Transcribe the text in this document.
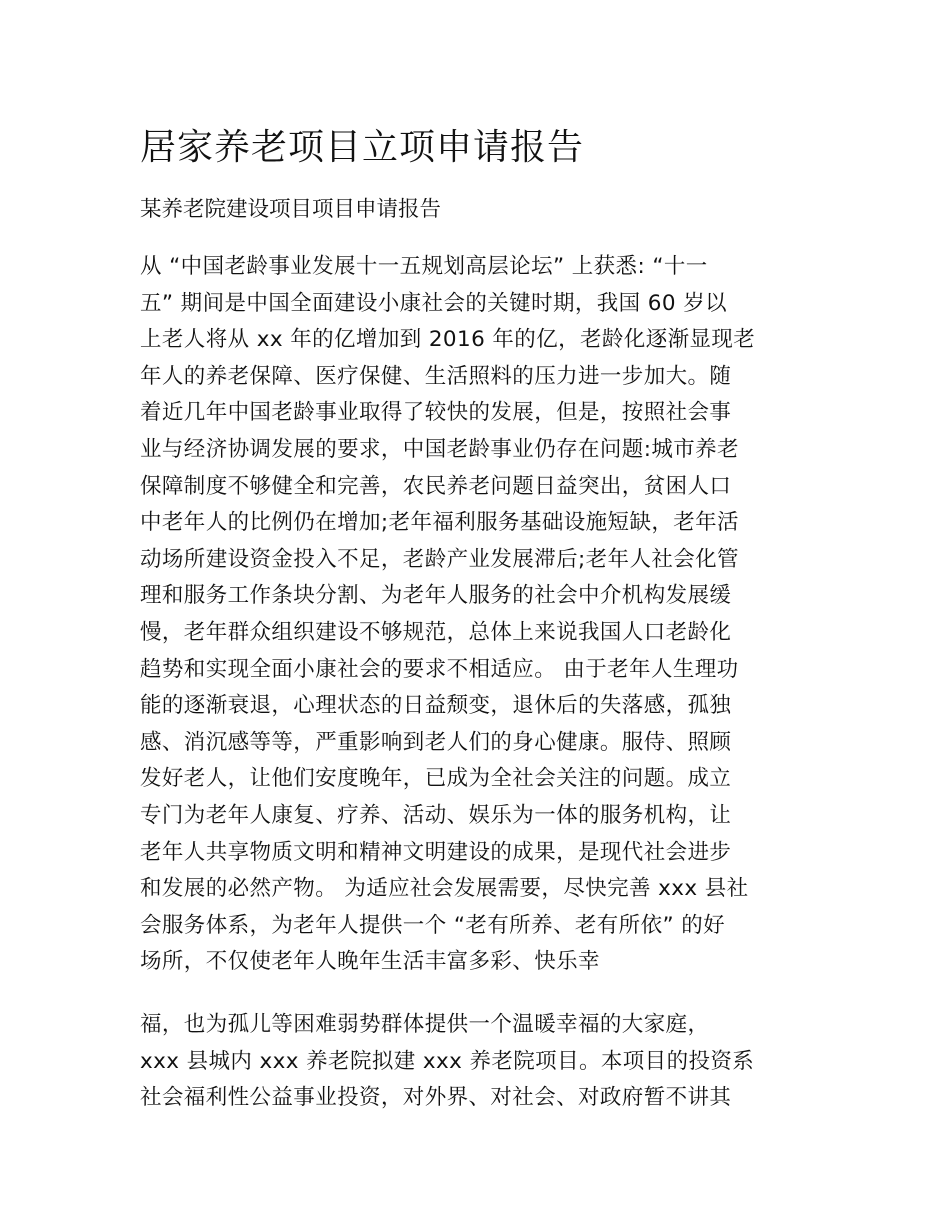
居家养老项目立项申请报告

某养老院建设项目项目申请报告

从 “中国老龄事业发展十一五规划高层论坛” 上获悉: “十一
五” 期间是中国全面建设小康社会的关键时期，我国 60 岁以
上老人将从 xx 年的亿增加到 2016 年的亿，老龄化逐渐显现老
年人的养老保障、医疗保健、生活照料的压力进一步加大。随
着近几年中国老龄事业取得了较快的发展，但是，按照社会事
业与经济协调发展的要求，中国老龄事业仍存在问题:城市养老
保障制度不够健全和完善，农民养老问题日益突出，贫困人口
中老年人的比例仍在增加;老年福利服务基础设施短缺，老年活
动场所建设资金投入不足，老龄产业发展滞后;老年人社会化管
理和服务工作条块分割、为老年人服务的社会中介机构发展缓
慢，老年群众组织建设不够规范，总体上来说我国人口老龄化
趋势和实现全面小康社会的要求不相适应。 由于老年人生理功
能的逐渐衰退，心理状态的日益颓变，退休后的失落感，孤独
感、消沉感等等，严重影响到老人们的身心健康。服侍、照顾
发好老人，让他们安度晚年，已成为全社会关注的问题。成立
专门为老年人康复、疗养、活动、娱乐为一体的服务机构，让
老年人共享物质文明和精神文明建设的成果，是现代社会进步
和发展的必然产物。 为适应社会发展需要，尽快完善 xxx 县社
会服务体系，为老年人提供一个 “老有所养、老有所依” 的好
场所，不仅使老年人晚年生活丰富多彩、快乐幸
福，也为孤儿等困难弱势群体提供一个温暖幸福的大家庭，
xxx 县城内 xxx 养老院拟建 xxx 养老院项目。本项目的投资系
社会福利性公益事业投资，对外界、对社会、对政府暂不讲其
